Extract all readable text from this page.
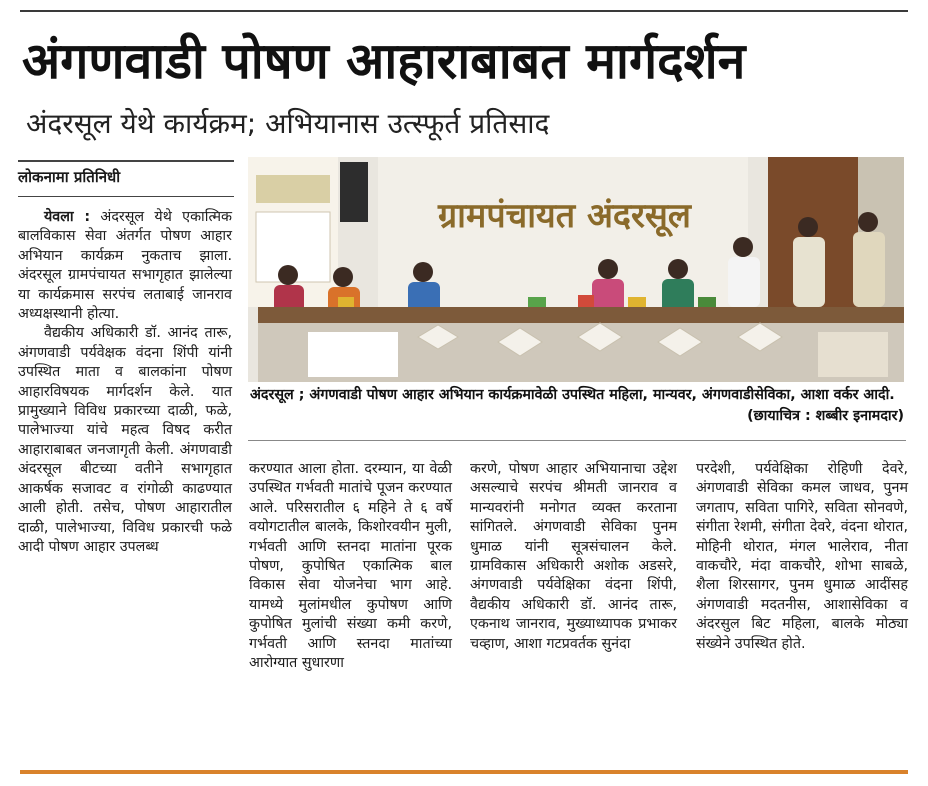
अंगणवाडी पोषण आहाराबाबत मार्गदर्शन
अंदरसूल येथे कार्यक्रम; अभियानास उत्स्फूर्त प्रतिसाद
लोकनामा प्रतिनिधी

येवला : अंदरसूल येथे एकात्मिक बालविकास सेवा अंतर्गत पोषण आहार अभियान कार्यक्रम नुकताच झाला. अंदरसूल ग्रामपंचायत सभागृहात झालेल्या या कार्यक्रमास सरपंच लताबाई जानराव अध्यक्षस्थानी होत्या.

वैद्यकीय अधिकारी डॉ. आनंद तारू, अंगणवाडी पर्यवेक्षक वंदना शिंपी यांनी उपस्थित माता व बालकांना पोषण आहारविषयक मार्गदर्शन केले. यात प्रामुख्याने विविध प्रकारच्या दाळी, फळे, पालेभाज्या यांचे महत्व विषद करीत आहाराबाबत जनजागृती केली. अंगणवाडी अंदरसूल बीटच्या वतीने सभागृहात आकर्षक सजावट व रांगोळी काढण्यात आली होती. तसेच, पोषण आहारातील दाळी, पालेभाज्या, विविध प्रकारची फळे आदी पोषण आहार उपलब्ध

ग्रामपंचायत अंदरसूल
अंदरसूल ; अंगणवाडी पोषण आहार अभियान कार्यक्रमावेळी उपस्थित महिला, मान्यवर, अंगणवाडीसेविका, आशा वर्कर आदी.
(छायाचित्र : शब्बीर इनामदार)

करण्यात आला होता. दरम्यान, या वेळी उपस्थित गर्भवती मातांचे पूजन करण्यात आले. परिसरातील ६ महिने ते ६ वर्षे वयोगटातील बालके, किशोरवयीन मुली, गर्भवती आणि स्तनदा मातांना पूरक पोषण, कुपोषित एकात्मिक बाल विकास सेवा योजनेचा भाग आहे. यामध्ये मुलांमधील कुपोषण आणि कुपोषित मुलांची संख्या कमी करणे, गर्भवती आणि स्तनदा मातांच्या आरोग्यात सुधारणा

करणे, पोषण आहार अभियानाचा उद्देश असल्याचे सरपंच श्रीमती जानराव व मान्यवरांनी मनोगत व्यक्त करताना सांगितले. अंगणवाडी सेविका पुनम धुमाळ यांनी सूत्रसंचालन केले. ग्रामविकास अधिकारी अशोक अडसरे, अंगणवाडी पर्यवेक्षिका वंदना शिंपी, वैद्यकीय अधिकारी डॉ. आनंद तारू, एकनाथ जानराव, मुख्याध्यापक प्रभाकर चव्हाण, आशा गटप्रवर्तक सुनंदा

परदेशी, पर्यवेक्षिका रोहिणी देवरे, अंगणवाडी सेविका कमल जाधव, पुनम जगताप, सविता पागिरे, सविता सोनवणे, संगीता रेशमी, संगीता देवरे, वंदना थोरात, मोहिनी थोरात, मंगल भालेराव, नीता वाकचौरे, मंदा वाकचौरे, शोभा साबळे, शैला शिरसागर, पुनम धुमाळ आदींसह अंगणवाडी मदतनीस, आशासेविका व अंदरसुल बिट महिला, बालके मोठ्या संख्येने उपस्थित होते.
